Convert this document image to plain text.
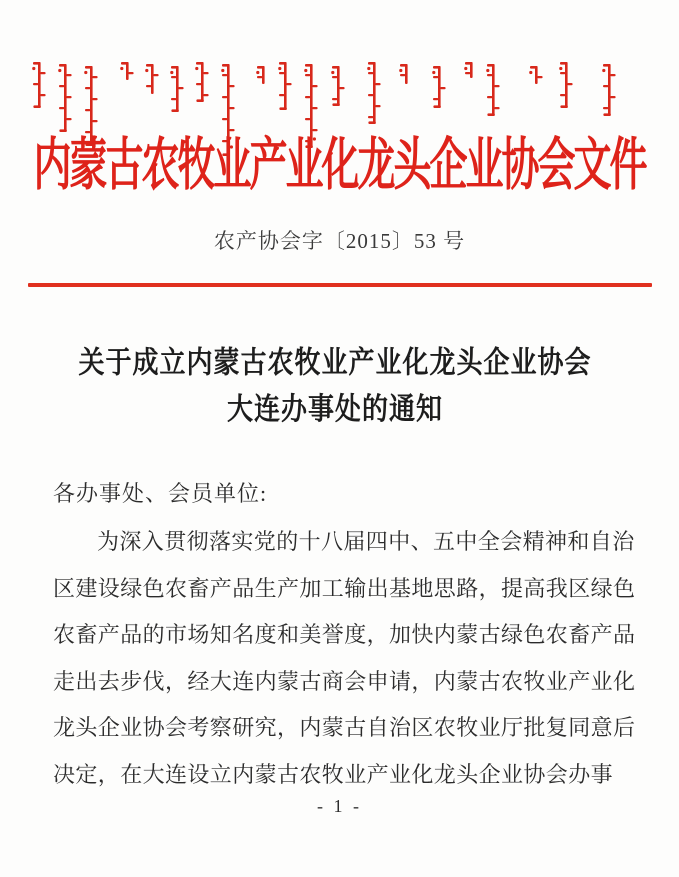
内蒙古农牧业产业化龙头企业协会文件
农产协会字〔2015〕53 号
关于成立内蒙古农牧业产业化龙头企业协会
大连办事处的通知
各办事处、会员单位:
为深入贯彻落实党的十八届四中、五中全会精神和自治
区建设绿色农畜产品生产加工输出基地思路，提高我区绿色
农畜产品的市场知名度和美誉度，加快内蒙古绿色农畜产品
走出去步伐，经大连内蒙古商会申请，内蒙古农牧业产业化
龙头企业协会考察研究，内蒙古自治区农牧业厅批复同意后
决定，在大连设立内蒙古农牧业产业化龙头企业协会办事
- 1 -
